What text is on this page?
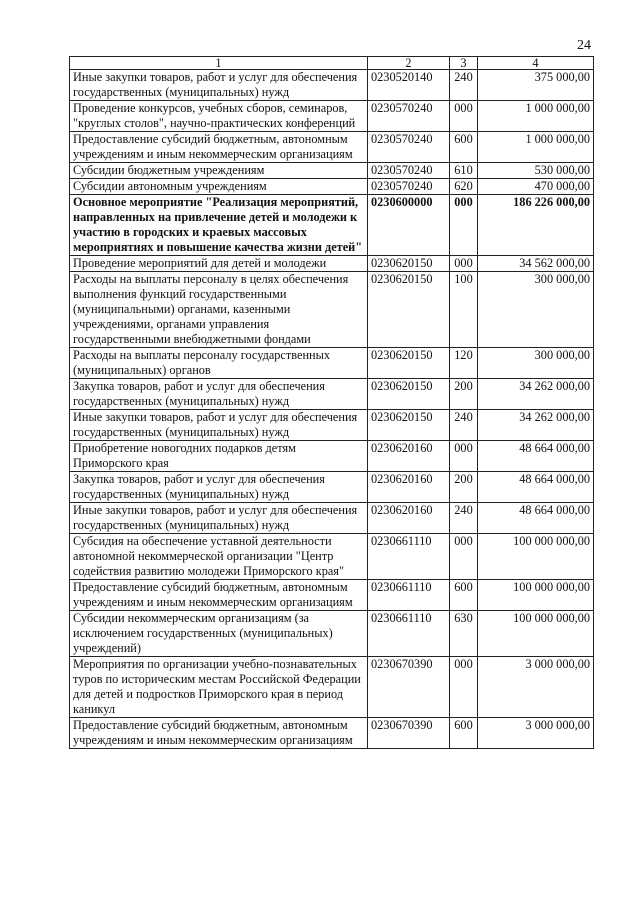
24
1	2	3	4
Иные закупки товаров, работ и услуг для обеспечения государственных (муниципальных) нужд	0230520140	240	375 000,00
Проведение конкурсов, учебных сборов, семинаров, "круглых столов", научно-практических конференций	0230570240	000	1 000 000,00
Предоставление субсидий бюджетным, автономным учреждениям и иным некоммерческим организациям	0230570240	600	1 000 000,00
Субсидии бюджетным учреждениям	0230570240	610	530 000,00
Субсидии автономным учреждениям	0230570240	620	470 000,00
Основное мероприятие "Реализация мероприятий, направленных на привлечение детей и молодежи к участию в городских и краевых массовых мероприятиях и повышение качества жизни детей"	0230600000	000	186 226 000,00
Проведение мероприятий для детей и молодежи	0230620150	000	34 562 000,00
Расходы на выплаты персоналу в целях обеспечения выполнения функций государственными (муниципальными) органами, казенными учреждениями, органами управления государственными внебюджетными фондами	0230620150	100	300 000,00
Расходы на выплаты персоналу государственных (муниципальных) органов	0230620150	120	300 000,00
Закупка товаров, работ и услуг для обеспечения государственных (муниципальных) нужд	0230620150	200	34 262 000,00
Иные закупки товаров, работ и услуг для обеспечения государственных (муниципальных) нужд	0230620150	240	34 262 000,00
Приобретение новогодних подарков детям Приморского края	0230620160	000	48 664 000,00
Закупка товаров, работ и услуг для обеспечения государственных (муниципальных) нужд	0230620160	200	48 664 000,00
Иные закупки товаров, работ и услуг для обеспечения государственных (муниципальных) нужд	0230620160	240	48 664 000,00
Субсидия на обеспечение уставной деятельности автономной некоммерческой организации "Центр содействия развитию молодежи Приморского края"	0230661110	000	100 000 000,00
Предоставление субсидий бюджетным, автономным учреждениям и иным некоммерческим организациям	0230661110	600	100 000 000,00
Субсидии некоммерческим организациям (за исключением государственных (муниципальных) учреждений)	0230661110	630	100 000 000,00
Мероприятия по организации учебно-познавательных туров по историческим местам Российской Федерации для детей и подростков Приморского края в период каникул	0230670390	000	3 000 000,00
Предоставление субсидий бюджетным, автономным учреждениям и иным некоммерческим организациям	0230670390	600	3 000 000,00
